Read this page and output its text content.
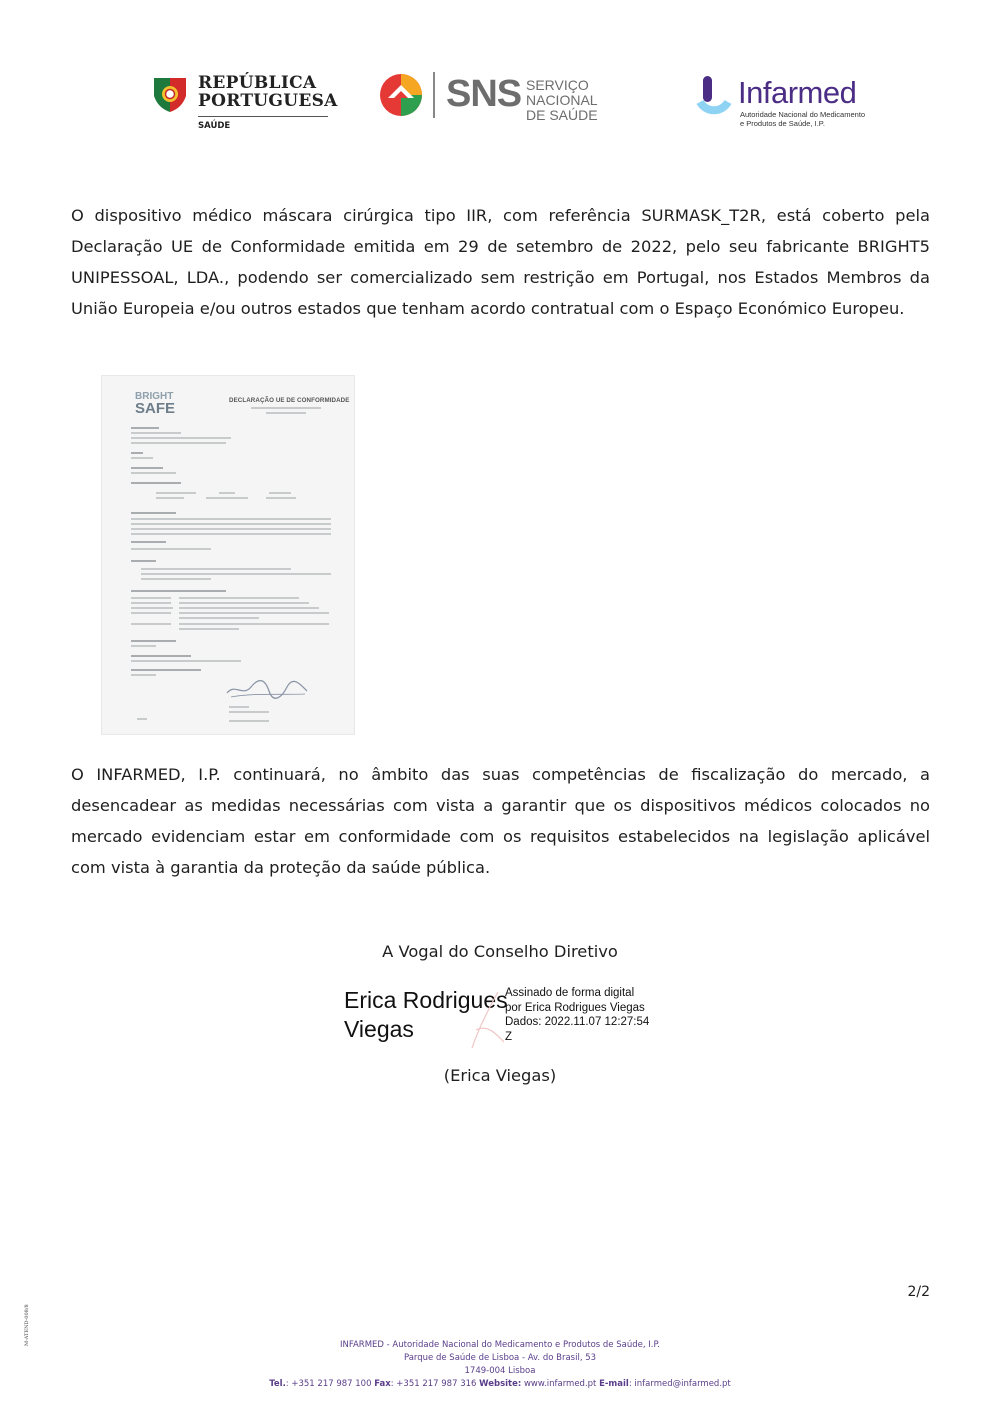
REPÚBLICA
PORTUGUESA
SAÚDE
SNS SERVIÇO NACIONAL
DE SAÚDE
Infarmed
Autoridade Nacional do Medicamento
e Produtos de Saúde, I.P.
O dispositivo médico máscara cirúrgica tipo IIR, com referência SURMASK_T2R, está coberto pela Declaração UE de Conformidade emitida em 29 de setembro de 2022, pelo seu fabricante BRIGHT5 UNIPESSOAL, LDA., podendo ser comercializado sem restrição em Portugal, nos Estados Membros da União Europeia e/ou outros estados que tenham acordo contratual com o Espaço Económico Europeu.
BRIGHT
SAFE	DECLARAÇÃO UE DE CONFORMIDADE
O INFARMED, I.P. continuará, no âmbito das suas competências de fiscalização do mercado, a desencadear as medidas necessárias com vista a garantir que os dispositivos médicos colocados no mercado evidenciam estar em conformidade com os requisitos estabelecidos na legislação aplicável com vista à garantia da proteção da saúde pública.
A Vogal do Conselho Diretivo
Erica Rodrigues
Viegas
Assinado de forma digital
por Erica Rodrigues Viegas
Dados: 2022.11.07 12:27:54
Z
(Erica Viegas)
2/2
M-ATEND-008/8	INFARMED - Autoridade Nacional do Medicamento e Produtos de Saúde, I.P.
Parque de Saúde de Lisboa - Av. do Brasil, 53
1749-004 Lisboa
Tel.: +351 217 987 100 Fax: +351 217 987 316 Website: www.infarmed.pt E-mail: infarmed@infarmed.pt
